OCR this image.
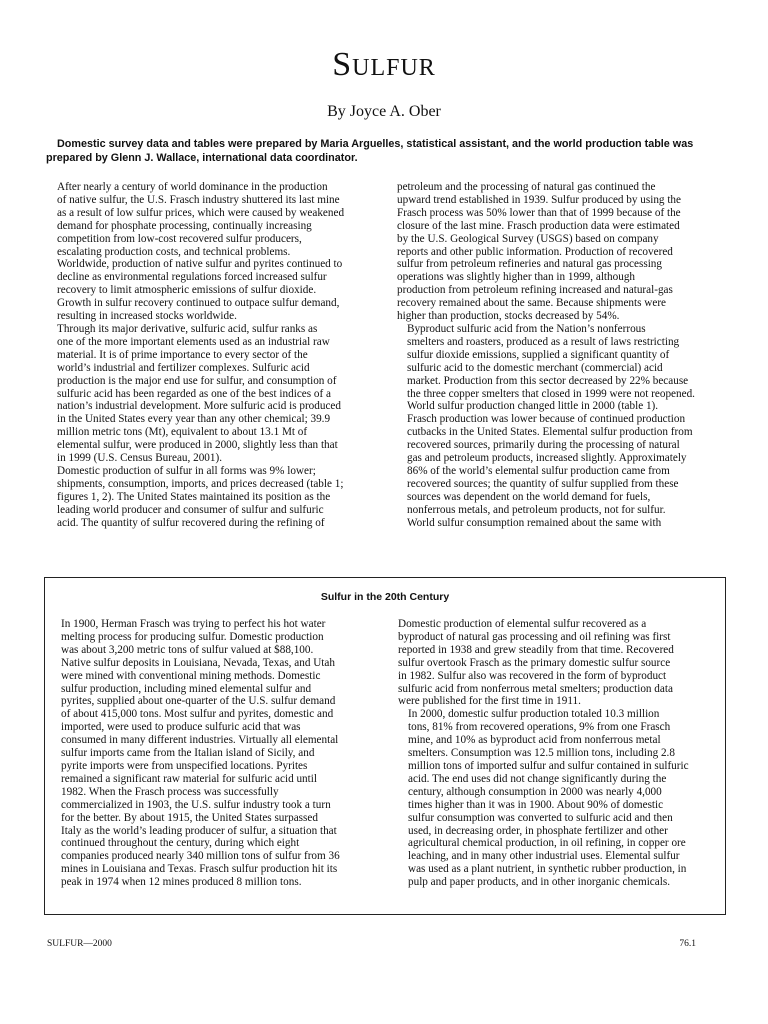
Sulfur

By Joyce A. Ober

Domestic survey data and tables were prepared by Maria Arguelles, statistical assistant, and the world production table was prepared by Glenn J. Wallace, international data coordinator.

After nearly a century of world dominance in the production
of native sulfur, the U.S. Frasch industry shuttered its last mine
as a result of low sulfur prices, which were caused by weakened
demand for phosphate processing, continually increasing
competition from low-cost recovered sulfur producers,
escalating production costs, and technical problems.
Worldwide, production of native sulfur and pyrites continued to
decline as environmental regulations forced increased sulfur
recovery to limit atmospheric emissions of sulfur dioxide.
Growth in sulfur recovery continued to outpace sulfur demand,
resulting in increased stocks worldwide.

Through its major derivative, sulfuric acid, sulfur ranks as
one of the more important elements used as an industrial raw
material. It is of prime importance to every sector of the
world’s industrial and fertilizer complexes. Sulfuric acid
production is the major end use for sulfur, and consumption of
sulfuric acid has been regarded as one of the best indices of a
nation’s industrial development. More sulfuric acid is produced
in the United States every year than any other chemical; 39.9
million metric tons (Mt), equivalent to about 13.1 Mt of
elemental sulfur, were produced in 2000, slightly less than that
in 1999 (U.S. Census Bureau, 2001).

Domestic production of sulfur in all forms was 9% lower;
shipments, consumption, imports, and prices decreased (table 1;
figures 1, 2). The United States maintained its position as the
leading world producer and consumer of sulfur and sulfuric
acid. The quantity of sulfur recovered during the refining of

petroleum and the processing of natural gas continued the
upward trend established in 1939. Sulfur produced by using the
Frasch process was 50% lower than that of 1999 because of the
closure of the last mine. Frasch production data were estimated
by the U.S. Geological Survey (USGS) based on company
reports and other public information. Production of recovered
sulfur from petroleum refineries and natural gas processing
operations was slightly higher than in 1999, although
production from petroleum refining increased and natural-gas
recovery remained about the same. Because shipments were
higher than production, stocks decreased by 54%.

Byproduct sulfuric acid from the Nation’s nonferrous
smelters and roasters, produced as a result of laws restricting
sulfur dioxide emissions, supplied a significant quantity of
sulfuric acid to the domestic merchant (commercial) acid
market. Production from this sector decreased by 22% because
the three copper smelters that closed in 1999 were not reopened.

World sulfur production changed little in 2000 (table 1).
Frasch production was lower because of continued production
cutbacks in the United States. Elemental sulfur production from
recovered sources, primarily during the processing of natural
gas and petroleum products, increased slightly. Approximately
86% of the world’s elemental sulfur production came from
recovered sources; the quantity of sulfur supplied from these
sources was dependent on the world demand for fuels,
nonferrous metals, and petroleum products, not for sulfur.

World sulfur consumption remained about the same with

Sulfur in the 20th Century

In 1900, Herman Frasch was trying to perfect his hot water
melting process for producing sulfur. Domestic production
was about 3,200 metric tons of sulfur valued at $88,100.
Native sulfur deposits in Louisiana, Nevada, Texas, and Utah
were mined with conventional mining methods. Domestic
sulfur production, including mined elemental sulfur and
pyrites, supplied about one-quarter of the U.S. sulfur demand
of about 415,000 tons. Most sulfur and pyrites, domestic and
imported, were used to produce sulfuric acid that was
consumed in many different industries. Virtually all elemental
sulfur imports came from the Italian island of Sicily, and
pyrite imports were from unspecified locations. Pyrites
remained a significant raw material for sulfuric acid until
1982. When the Frasch process was successfully
commercialized in 1903, the U.S. sulfur industry took a turn
for the better. By about 1915, the United States surpassed
Italy as the world’s leading producer of sulfur, a situation that
continued throughout the century, during which eight
companies produced nearly 340 million tons of sulfur from 36
mines in Louisiana and Texas. Frasch sulfur production hit its
peak in 1974 when 12 mines produced 8 million tons.

Domestic production of elemental sulfur recovered as a
byproduct of natural gas processing and oil refining was first
reported in 1938 and grew steadily from that time. Recovered
sulfur overtook Frasch as the primary domestic sulfur source
in 1982. Sulfur also was recovered in the form of byproduct
sulfuric acid from nonferrous metal smelters; production data
were published for the first time in 1911.

In 2000, domestic sulfur production totaled 10.3 million
tons, 81% from recovered operations, 9% from one Frasch
mine, and 10% as byproduct acid from nonferrous metal
smelters. Consumption was 12.5 million tons, including 2.8
million tons of imported sulfur and sulfur contained in sulfuric
acid. The end uses did not change significantly during the
century, although consumption in 2000 was nearly 4,000
times higher than it was in 1900. About 90% of domestic
sulfur consumption was converted to sulfuric acid and then
used, in decreasing order, in phosphate fertilizer and other
agricultural chemical production, in oil refining, in copper ore
leaching, and in many other industrial uses. Elemental sulfur
was used as a plant nutrient, in synthetic rubber production, in
pulp and paper products, and in other inorganic chemicals.

SULFUR—2000	76.1
